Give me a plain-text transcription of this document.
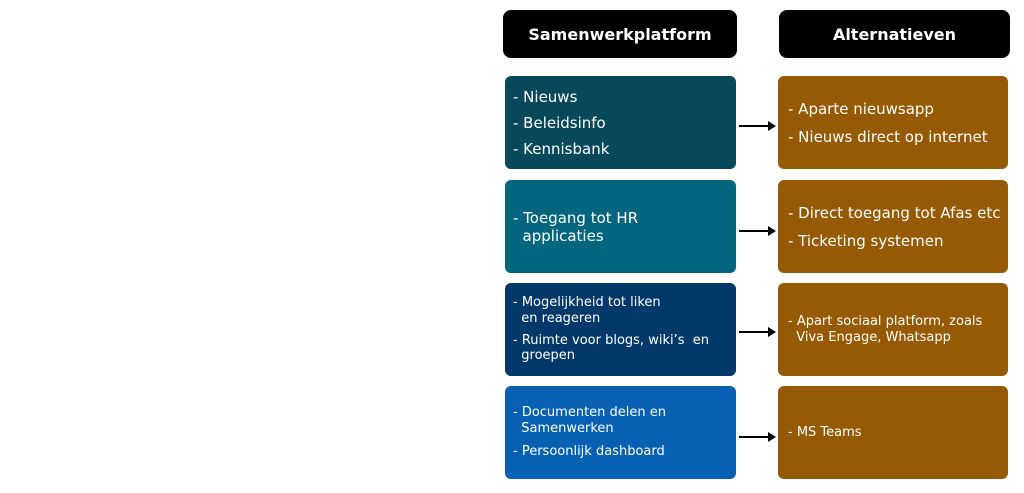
Samenwerkplatform	Alternatieven
- Nieuws
- Beleidsinfo
- Kennisbank
- Aparte nieuwsapp
- Nieuws direct op internet
- Toegang tot HR
applicaties
- Direct toegang tot Afas etc
- Ticketing systemen
- Mogelijkheid tot liken
en reageren
- Ruimte voor blogs, wiki’s  en
groepen
- Apart sociaal platform, zoals
Viva Engage, Whatsapp
- Documenten delen en
Samenwerken
- Persoonlijk dashboard
- MS Teams
